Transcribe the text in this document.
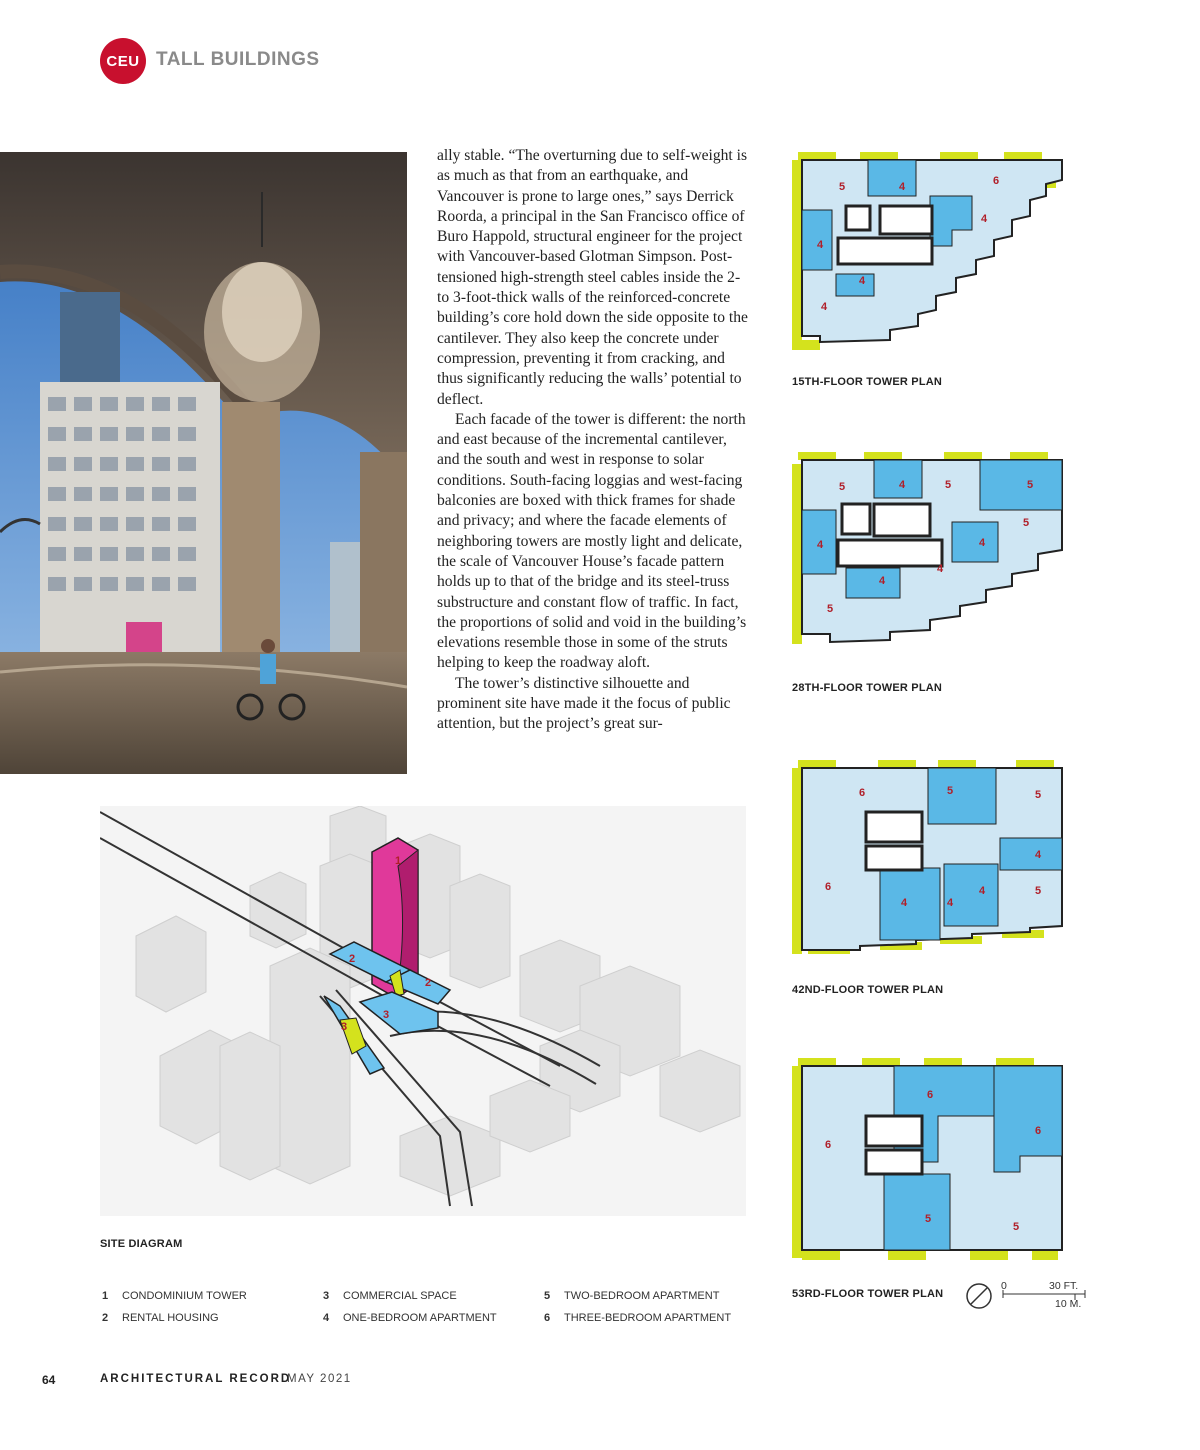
CEU TALL BUILDINGS

ally stable. “The overturning due to self-weight is as much as that from an earthquake, and Vancouver is prone to large ones,” says Derrick Roorda, a principal in the San Francisco office of Buro Happold, structural engineer for the project with Vancouver-based Glotman Simpson. Post-tensioned high-strength steel cables inside the 2- to 3-foot-thick walls of the reinforced-concrete building’s core hold down the side opposite to the cantilever. They also keep the concrete under compression, preventing it from cracking, and thus significantly reducing the walls’ potential to deflect.

Each facade of the tower is different: the north and east because of the incremental cantilever, and the south and west in response to solar conditions. South-facing loggias and west-facing balconies are boxed with thick frames for shade and privacy; and where the facade elements of neighboring towers are mostly light and delicate, the scale of Vancouver House’s facade pattern holds up to that of the bridge and its steel-truss substructure and constant flow of traffic. In fact, the proportions of solid and void in the building’s elevations resemble those in some of the struts helping to keep the roadway aloft.

The tower’s distinctive silhouette and prominent site have made it the focus of public attention, but the project’s great sur-

5	4	6
4
4
4
4
15TH-FLOOR TOWER PLAN
5	4	5	5
5
4
4
4
4
5
28TH-FLOOR TOWER PLAN
6	5	5
4
6	4
4	4
5
42ND-FLOOR TOWER PLAN
6
6
6
5
5
53RD-FLOOR TOWER PLAN
0	30 FT.
10 M.
1
2
2
3
3
SITE DIAGRAM
1 CONDOMINIUM TOWER
2 RENTAL HOUSING
3 COMMERCIAL SPACE
4 ONE-BEDROOM APARTMENT
5 TWO-BEDROOM APARTMENT
6 THREE-BEDROOM APARTMENT
64	ARCHITECTURAL RECORD
MAY 2021
